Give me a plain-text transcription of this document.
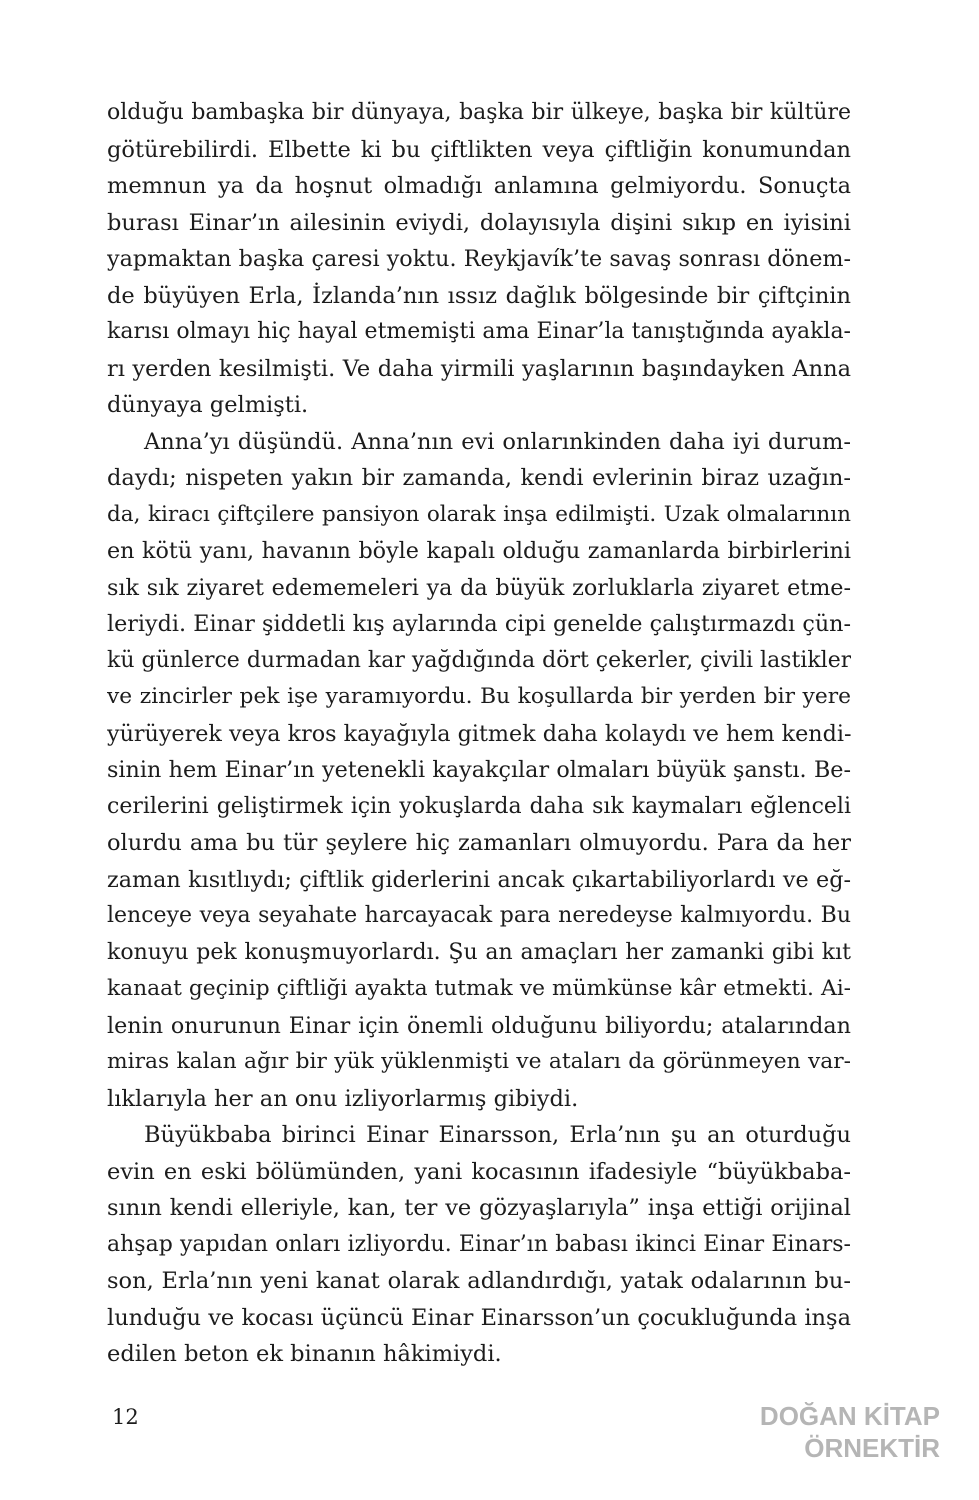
olduğu bambaşka bir dünyaya, başka bir ülkeye, başka bir kültüre
götürebilirdi. Elbette ki bu çiftlikten veya çiftliğin konumundan
memnun ya da hoşnut olmadığı anlamına gelmiyordu. Sonuçta
burası Einar’ın ailesinin eviydi, dolayısıyla dişini sıkıp en iyisini
yapmaktan başka çaresi yoktu. Reykjavík’te savaş sonrası dönem-
de büyüyen Erla, İzlanda’nın ıssız dağlık bölgesinde bir çiftçinin
karısı olmayı hiç hayal etmemişti ama Einar’la tanıştığında ayakla-
rı yerden kesilmişti. Ve daha yirmili yaşlarının başındayken Anna
dünyaya gelmişti.
Anna’yı düşündü. Anna’nın evi onlarınkinden daha iyi durum-
daydı; nispeten yakın bir zamanda, kendi evlerinin biraz uzağın-
da, kiracı çiftçilere pansiyon olarak inşa edilmişti. Uzak olmalarının
en kötü yanı, havanın böyle kapalı olduğu zamanlarda birbirlerini
sık sık ziyaret edememeleri ya da büyük zorluklarla ziyaret etme-
leriydi. Einar şiddetli kış aylarında cipi genelde çalıştırmazdı çün-
kü günlerce durmadan kar yağdığında dört çekerler, çivili lastikler
ve zincirler pek işe yaramıyordu. Bu koşullarda bir yerden bir yere
yürüyerek veya kros kayağıyla gitmek daha kolaydı ve hem kendi-
sinin hem Einar’ın yetenekli kayakçılar olmaları büyük şanstı. Be-
cerilerini geliştirmek için yokuşlarda daha sık kaymaları eğlenceli
olurdu ama bu tür şeylere hiç zamanları olmuyordu. Para da her
zaman kısıtlıydı; çiftlik giderlerini ancak çıkartabiliyorlardı ve eğ-
lenceye veya seyahate harcayacak para neredeyse kalmıyordu. Bu
konuyu pek konuşmuyorlardı. Şu an amaçları her zamanki gibi kıt
kanaat geçinip çiftliği ayakta tutmak ve mümkünse kâr etmekti. Ai-
lenin onurunun Einar için önemli olduğunu biliyordu; atalarından
miras kalan ağır bir yük yüklenmişti ve ataları da görünmeyen var-
lıklarıyla her an onu izliyorlarmış gibiydi.
Büyükbaba birinci Einar Einarsson, Erla’nın şu an oturduğu
evin en eski bölümünden, yani kocasının ifadesiyle “büyükbaba-
sının kendi elleriyle, kan, ter ve gözyaşlarıyla” inşa ettiği orijinal
ahşap yapıdan onları izliyordu. Einar’ın babası ikinci Einar Einars-
son, Erla’nın yeni kanat olarak adlandırdığı, yatak odalarının bu-
lunduğu ve kocası üçüncü Einar Einarsson’un çocukluğunda inşa
edilen beton ek binanın hâkimiydi.
DOĞAN KİTAP
ÖRNEKTİR
12
